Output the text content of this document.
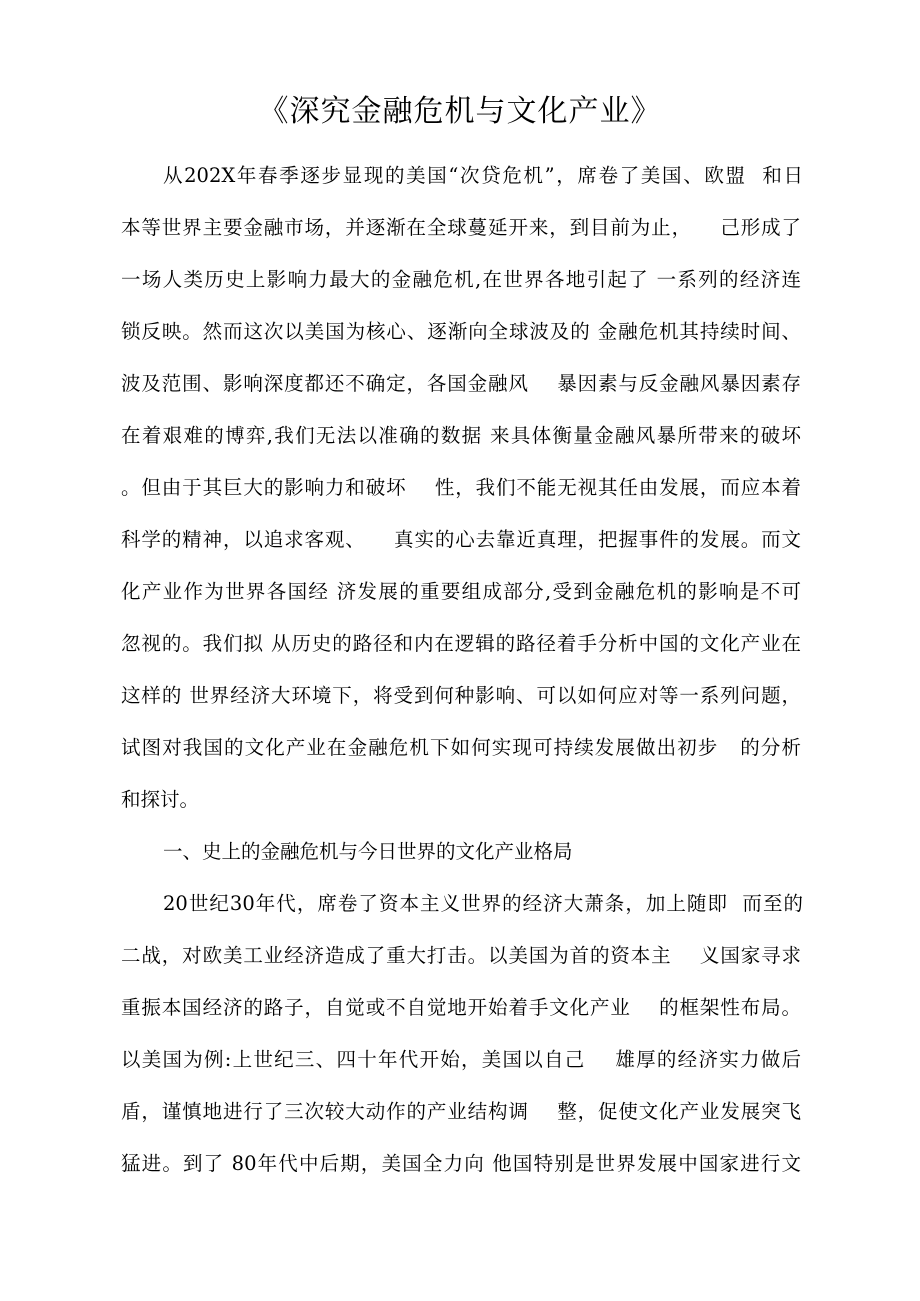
《深究金融危机与文化产业》
从202X年春季逐步显现的美国“次贷危机”，席卷了美国、欧盟  和日
本等世界主要金融市场，并逐渐在全球蔓延开来，到目前为止，    己形成了
一场人类历史上影响力最大的金融危机,在世界各地引起了 一系列的经济连
锁反映。然而这次以美国为核心、逐渐向全球波及的 金融危机其持续时间、
波及范围、影响深度都还不确定，各国金融风    暴因素与反金融风暴因素存
在着艰难的博弈,我们无法以准确的数据 来具体衡量金融风暴所带来的破坏
。但由于其巨大的影响力和破坏    性，我们不能无视其任由发展，而应本着
科学的精神，以追求客观、    真实的心去靠近真理，把握事件的发展。而文
化产业作为世界各国经 济发展的重要组成部分,受到金融危机的影响是不可
忽视的。我们拟 从历史的路径和内在逻辑的路径着手分析中国的文化产业在
这样的 世界经济大环境下，将受到何种影响、可以如何应对等一系列问题，
试图对我国的文化产业在金融危机下如何实现可持续发展做出初步   的分析
和探讨。
一、史上的金融危机与今日世界的文化产业格局
20世纪30年代，席卷了资本主义世界的经济大萧条，加上随即  而至的
二战，对欧美工业经济造成了重大打击。以美国为首的资本主    义国家寻求
重振本国经济的路子，自觉或不自觉地开始着手文化产业    的框架性布局。
以美国为例:上世纪三、四十年代开始，美国以自己    雄厚的经济实力做后
盾，谨慎地进行了三次较大动作的产业结构调    整，促使文化产业发展突飞
猛进。到了 80年代中后期，美国全力向 他国特别是世界发展中国家进行文
